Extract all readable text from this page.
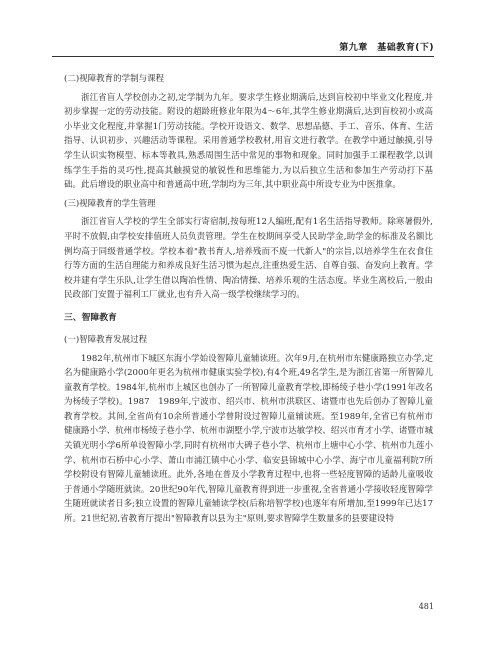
第九章　基础教育(下)
(二)视障教育的学制与课程

浙江省盲人学校创办之初,定学制为九年。要求学生修业期满后,达到盲校初中毕业文化程度,并初步掌握一定的劳动技能。附设的超龄班修业年限为4～6年,其学生修业期满后,达到盲校初小或高小毕业文化程度,并掌握1门劳动技能。学校开设语文、数学、思想品德、手工、音乐、体育、生活指导、认识初步、兴趣活动等课程。采用普通学校教材,用盲文进行教学。在教学中通过触摸,引导学生认识实物模型、标本等教具,熟悉周围生活中常见的事物和现象。同时加强手工课程教学,以训练学生手指的灵巧性,提高其触摸觉的敏锐性和思维能力,为以后独立生活和参加生产劳动打下基础。此后增设的职业高中和普通高中班,学制均为三年,其中职业高中所设专业为中医推拿。

(三)视障教育的学生管理

浙江省盲人学校的学生全部实行寄宿制,按每班12人编班,配有1名生活指导教师。除寒暑假外,平时不放假,由学校安排值班人员负责管理。学生在校期间享受人民助学金,助学金的标准及名额比例均高于同级普通学校。学校本着"教书育人,培养残而不废一代新人"的宗旨,以培养学生在衣食住行等方面的生活自理能力和养成良好生活习惯为起点,注重热爱生活、自尊自强、奋发向上教育。学校并建有学生乐队,让学生借以陶冶性情、陶冶情操、培养乐观的生活态度。毕业生离校后,一般由民政部门安置于福利工厂就业,也有升入高一级学校继续学习的。

三、智障教育
(一)智障教育发展过程

1982年,杭州市下城区东海小学始设智障儿童辅读班。次年9月,在杭州市东健康路独立办学,定名为健康路小学(2000年更名为杭州市健康实验学校),有4个班,49名学生,是为浙江省第一所智障儿童教育学校。1984年,杭州市上城区也创办了一所智障儿童教育学校,即杨绫子巷小学(1991年改名为杨绫子学校)。1987　1989年,宁波市、绍兴市、杭州市洪联区、诸暨市也先后创办了智障儿童教育学校。其间,全省尚有10余所普通小学曾附设过智障儿童辅读班。至1989年,全省已有杭州市健康路小学、杭州市杨绫子巷小学、杭州市湖墅小学,宁波市达敏学校、绍兴市育才小学、诸暨市城关镇光明小学6所单设智障小学,同时有杭州市大碑子巷小学、杭州市上塘中心小学、杭州市九莲小学、杭州市石桥中心小学、萧山市浦江镇中心小学、临安县锦城中心小学、海宁市儿童福利院7所学校附设有智障儿童辅读班。此外,各地在普及小学教育过程中,也将一些轻度智障的适龄儿童吸收于普通小学随班就读。20世纪90年代,智障儿童教育得到进一步重视,全省普通小学接收轻度智障学生随班就读者日多;独立设置的智障儿童辅读学校(后称培智学校)也逐年有所增加,至1999年已达17所。21世纪初,省教育厅提出"智障教育以县为主"原则,要求智障学生数量多的县要建设特

481
